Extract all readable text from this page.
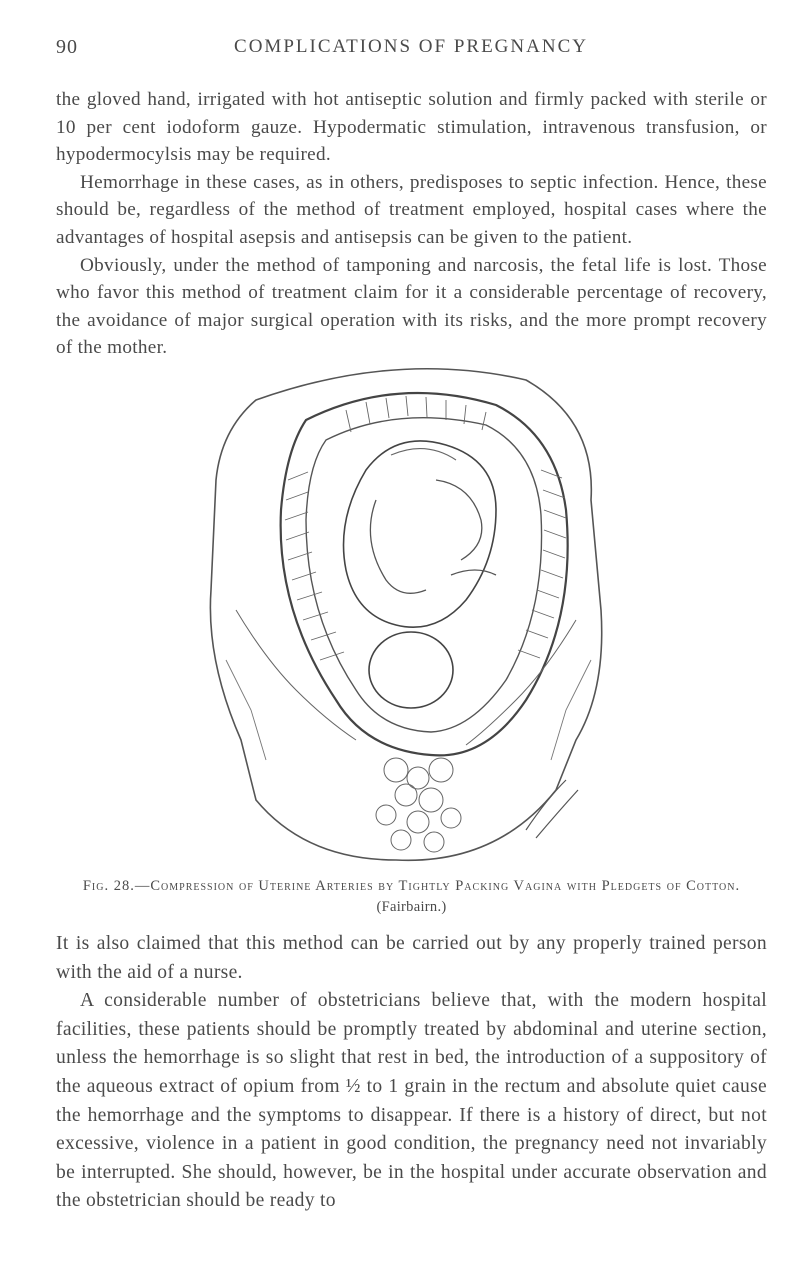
90	COMPLICATIONS OF PREGNANCY

the gloved hand, irrigated with hot antiseptic solution and firmly packed with sterile or 10 per cent iodoform gauze. Hypodermatic stimulation, intravenous transfusion, or hypodermocylsis may be required.

Hemorrhage in these cases, as in others, predisposes to septic infection. Hence, these should be, regardless of the method of treatment employed, hospital cases where the advantages of hospital asepsis and antisepsis can be given to the patient.

Obviously, under the method of tamponing and narcosis, the fetal life is lost. Those who favor this method of treatment claim for it a considerable percentage of recovery, the avoidance of major surgical operation with its risks, and the more prompt recovery of the mother.

Fig. 28.—Compression of Uterine Arteries by Tightly Packing Vagina with Pledgets of Cotton. (Fairbairn.)

It is also claimed that this method can be carried out by any properly trained person with the aid of a nurse.

A considerable number of obstetricians believe that, with the modern hospital facilities, these patients should be promptly treated by abdominal and uterine section, unless the hemorrhage is so slight that rest in bed, the introduction of a suppository of the aqueous extract of opium from ½ to 1 grain in the rectum and absolute quiet cause the hemorrhage and the symptoms to disappear. If there is a history of direct, but not excessive, violence in a patient in good condition, the pregnancy need not invariably be interrupted. She should, however, be in the hospital under accurate observation and the obstetrician should be ready to
